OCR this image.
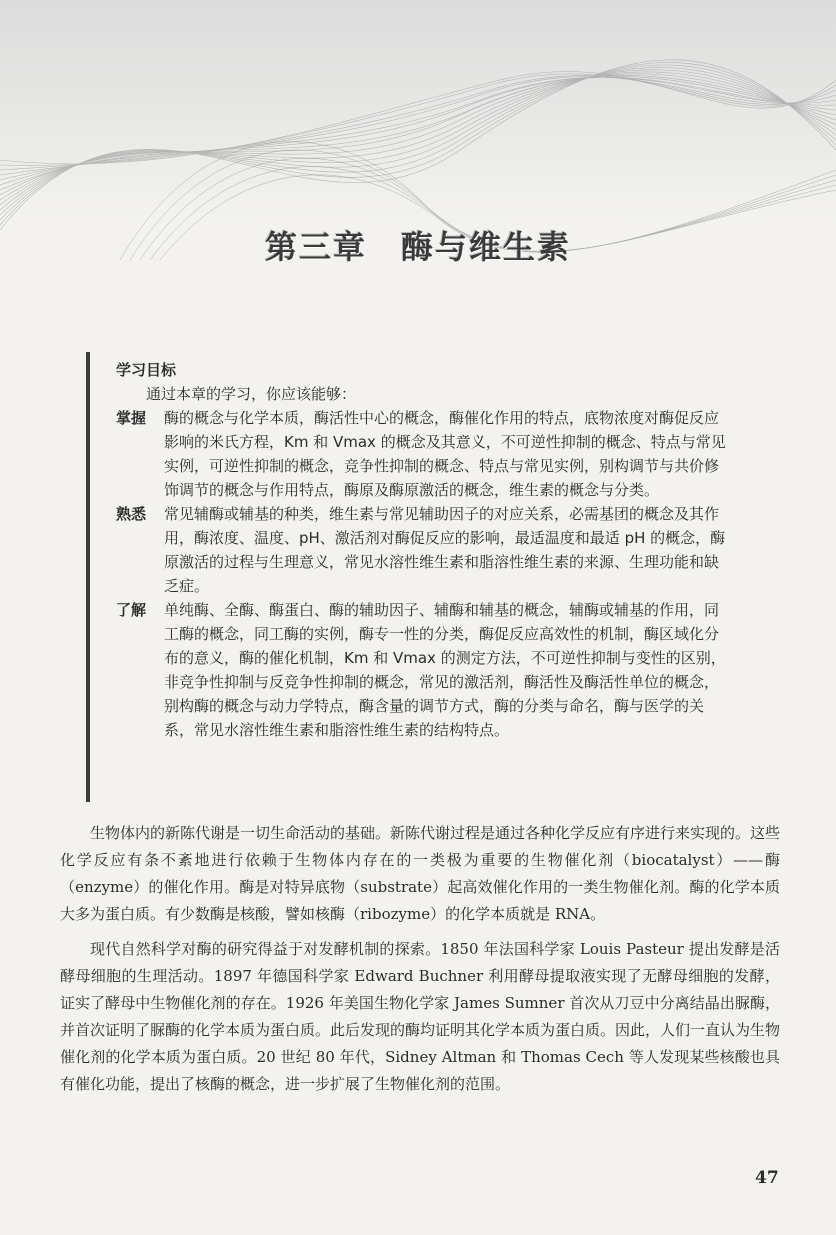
第三章 酶与维生素
学习目标
通过本章的学习，你应该能够：
掌握	酶的概念与化学本质，酶活性中心的概念，酶催化作用的特点，底物浓度对酶促反应影响的米氏方程，Km 和 Vmax 的概念及其意义，不可逆性抑制的概念、特点与常见实例，可逆性抑制的概念，竞争性抑制的概念、特点与常见实例，别构调节与共价修饰调节的概念与作用特点，酶原及酶原激活的概念，维生素的概念与分类。
熟悉	常见辅酶或辅基的种类，维生素与常见辅助因子的对应关系，必需基团的概念及其作用，酶浓度、温度、pH、激活剂对酶促反应的影响，最适温度和最适 pH 的概念，酶原激活的过程与生理意义，常见水溶性维生素和脂溶性维生素的来源、生理功能和缺乏症。
了解	单纯酶、全酶、酶蛋白、酶的辅助因子、辅酶和辅基的概念，辅酶或辅基的作用，同工酶的概念，同工酶的实例，酶专一性的分类，酶促反应高效性的机制，酶区域化分布的意义，酶的催化机制，Km 和 Vmax 的测定方法，不可逆性抑制与变性的区别，非竞争性抑制与反竞争性抑制的概念，常见的激活剂，酶活性及酶活性单位的概念，别构酶的概念与动力学特点，酶含量的调节方式，酶的分类与命名，酶与医学的关系，常见水溶性维生素和脂溶性维生素的结构特点。

生物体内的新陈代谢是一切生命活动的基础。新陈代谢过程是通过各种化学反应有序进行来实现的。这些化学反应有条不紊地进行依赖于生物体内存在的一类极为重要的生物催化剂（biocatalyst）——酶（enzyme）的催化作用。酶是对特异底物（substrate）起高效催化作用的一类生物催化剂。酶的化学本质大多为蛋白质。有少数酶是核酸，譬如核酶（ribozyme）的化学本质就是 RNA。

现代自然科学对酶的研究得益于对发酵机制的探索。1850 年法国科学家 Louis Pasteur 提出发酵是活酵母细胞的生理活动。1897 年德国科学家 Edward Buchner 利用酵母提取液实现了无酵母细胞的发酵，证实了酵母中生物催化剂的存在。1926 年美国生物化学家 James Sumner 首次从刀豆中分离结晶出脲酶，并首次证明了脲酶的化学本质为蛋白质。此后发现的酶均证明其化学本质为蛋白质。因此，人们一直认为生物催化剂的化学本质为蛋白质。20 世纪 80 年代，Sidney Altman 和 Thomas Cech 等人发现某些核酸也具有催化功能，提出了核酶的概念，进一步扩展了生物催化剂的范围。

47
